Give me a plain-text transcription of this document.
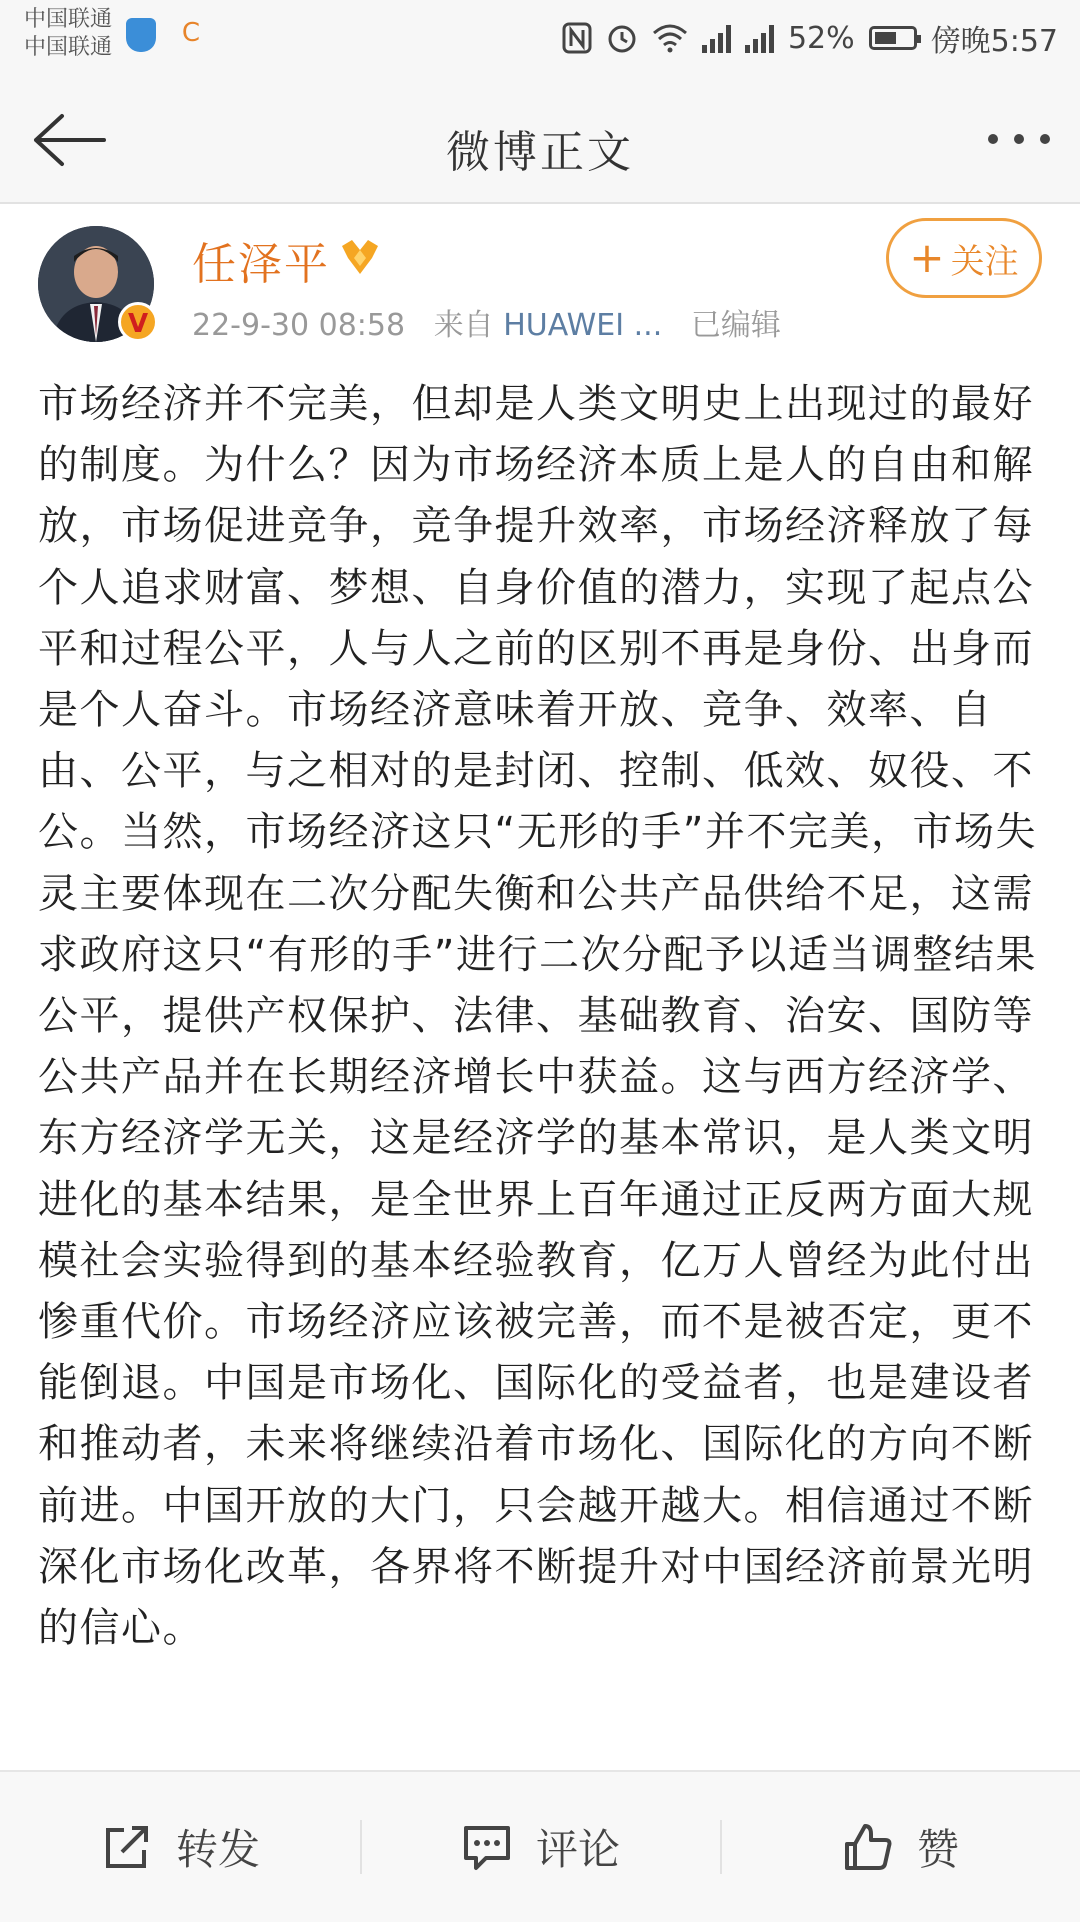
中国联通
中国联通	C	52%	傍晚5:57
微博正文
V
任泽平
22-9-30 08:58 来自 HUAWEI ... 已编辑
+ 关注

市场经济并不完美，但却是人类文明史上出现过的最好的制度。为什么？因为市场经济本质上是人的自由和解放，市场促进竞争，竞争提升效率，市场经济释放了每个人追求财富、梦想、自身价值的潜力，实现了起点公平和过程公平，人与人之前的区别不再是身份、出身而是个人奋斗。市场经济意味着开放、竞争、效率、自由、公平，与之相对的是封闭、控制、低效、奴役、不公。当然，市场经济这只“无形的手”并不完美，市场失灵主要体现在二次分配失衡和公共产品供给不足，这需求政府这只“有形的手”进行二次分配予以适当调整结果公平，提供产权保护、法律、基础教育、治安、国防等公共产品并在长期经济增长中获益。这与西方经济学、东方经济学无关，这是经济学的基本常识，是人类文明进化的基本结果，是全世界上百年通过正反两方面大规模社会实验得到的基本经验教育，亿万人曾经为此付出惨重代价。市场经济应该被完善，而不是被否定，更不能倒退。中国是市场化、国际化的受益者，也是建设者和推动者，未来将继续沿着市场化、国际化的方向不断前进。中国开放的大门，只会越开越大。相信通过不断深化市场化改革，各界将不断提升对中国经济前景光明的信心。

转发	评论	赞
